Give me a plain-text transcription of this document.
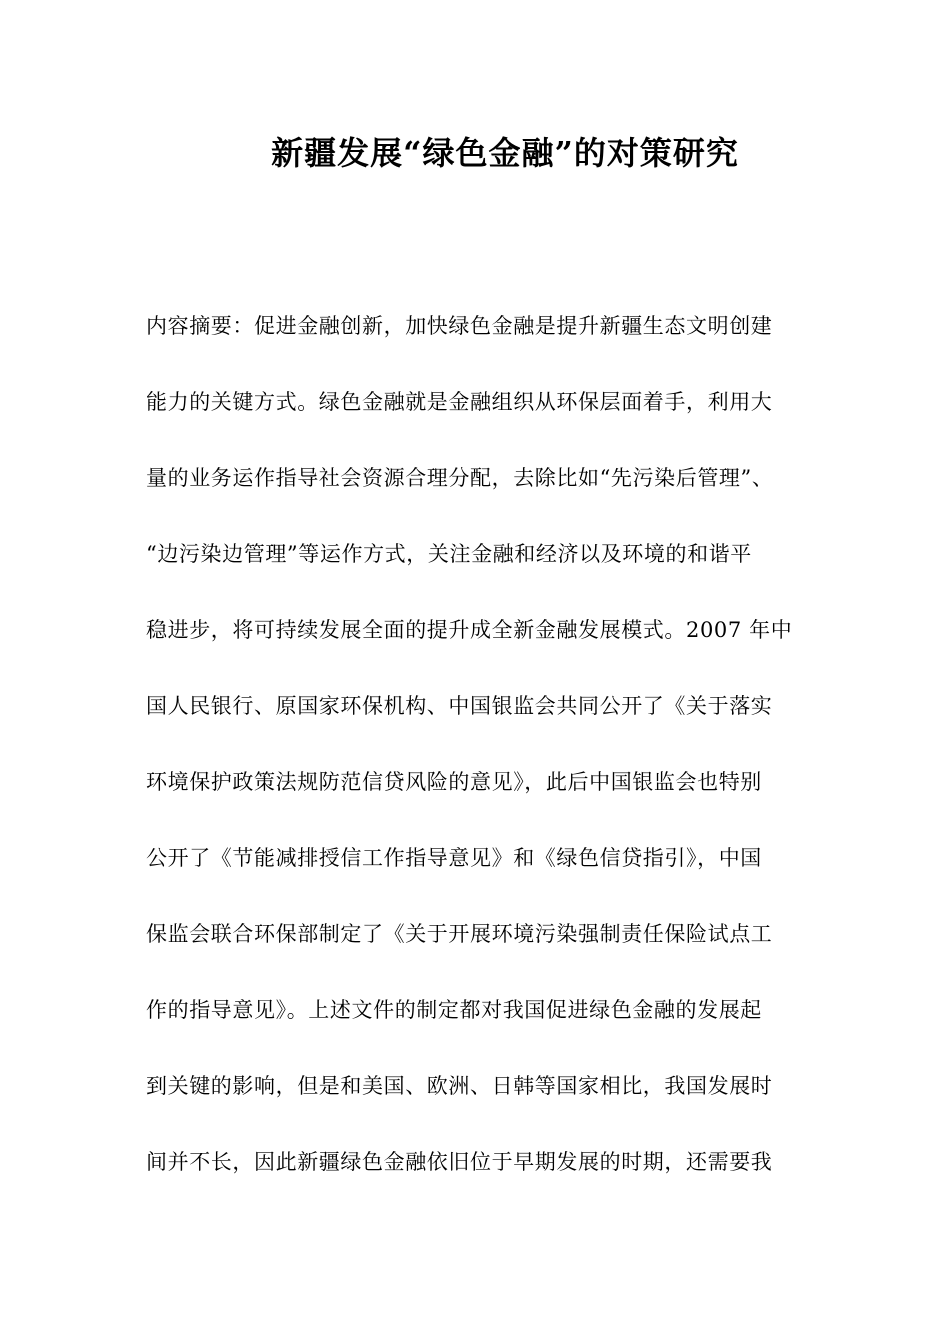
新疆发展“绿色金融”的对策研究
内容摘要：促进金融创新，加快绿色金融是提升新疆生态文明创建
能力的关键方式。绿色金融就是金融组织从环保层面着手，利用大
量的业务运作指导社会资源合理分配，去除比如“先污染后管理”、
“边污染边管理”等运作方式，关注金融和经济以及环境的和谐平
稳进步，将可持续发展全面的提升成全新金融发展模式。2007 年中
国人民银行、原国家环保机构、中国银监会共同公开了《关于落实
环境保护政策法规防范信贷风险的意见》，此后中国银监会也特别
公开了《节能减排授信工作指导意见》和《绿色信贷指引》，中国
保监会联合环保部制定了《关于开展环境污染强制责任保险试点工
作的指导意见》。上述文件的制定都对我国促进绿色金融的发展起
到关键的影响，但是和美国、欧洲、日韩等国家相比，我国发展时
间并不长，因此新疆绿色金融依旧位于早期发展的时期，还需要我
